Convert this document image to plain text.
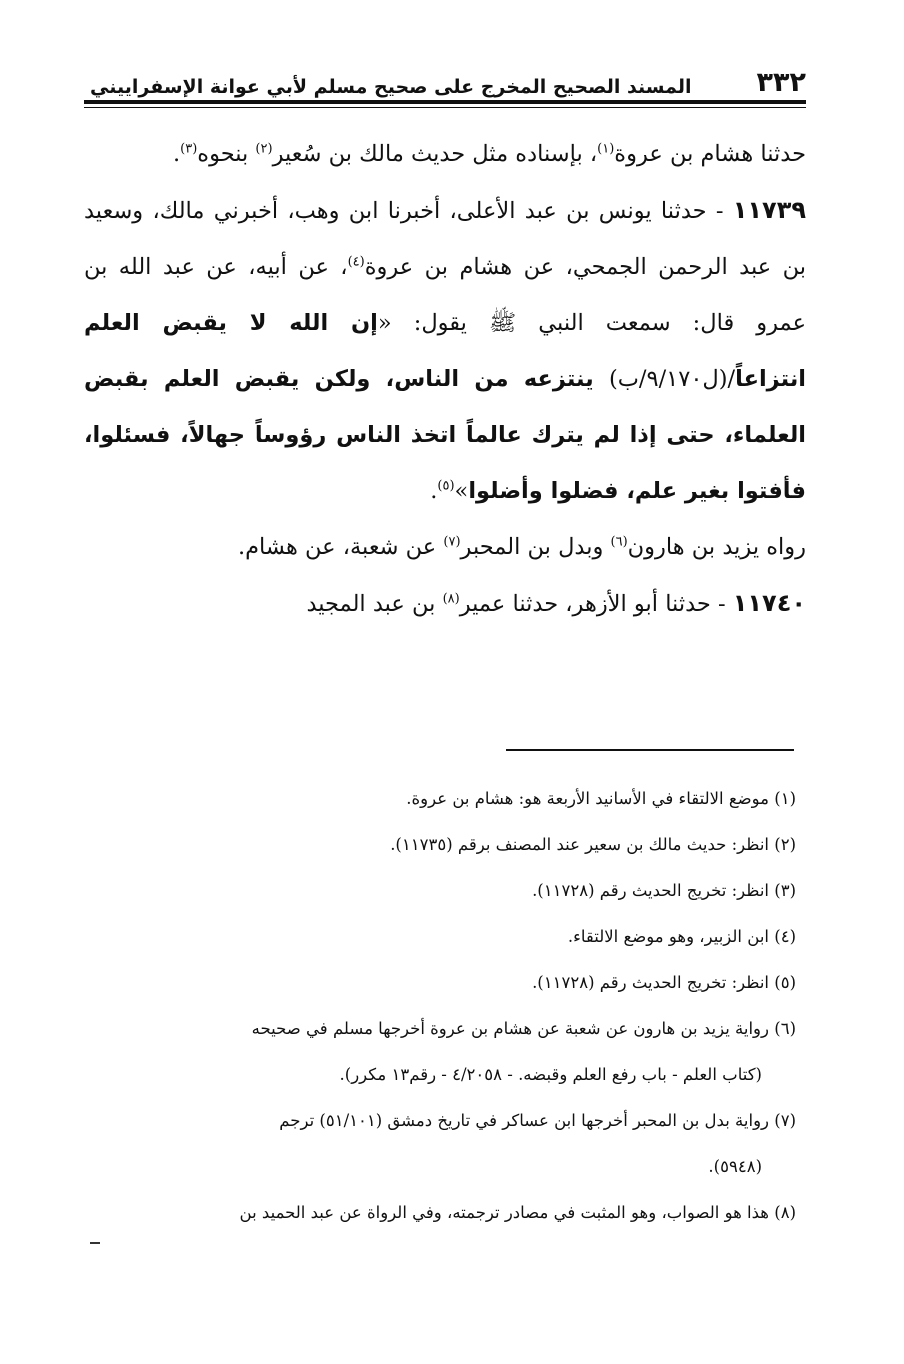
٣٣٢
المسند الصحيح المخرج على صحيح مسلم لأبي عوانة الإسفراييني

حدثنا هشام بن عروة$^{(١)}$، بإسناده مثل حديث مالك بن سُعير$^{(٢)}$ بنحوه$^{(٣)}$.

١١٧٣٩ - حدثنا يونس بن عبد الأعلى، أخبرنا ابن وهب، أخبرني مالك، وسعيد بن عبد الرحمن الجمحي، عن هشام بن عروة$^{(٤)}$، عن أبيه، عن عبد الله بن عمرو قال: سمعت النبي ﷺ يقول: «إن الله لا يقبض العلم انتزاعاً/(ل٩/١٧٠/ب) ينتزعه من الناس، ولكن يقبض العلم بقبض العلماء، حتى إذا لم يترك عالماً اتخذ الناس رؤوساً جهالاً، فسئلوا، فأفتوا بغير علم، فضلوا وأضلوا»$^{(٥)}$.

رواه يزيد بن هارون$^{(٦)}$ وبدل بن المحبر$^{(٧)}$ عن شعبة، عن هشام.

١١٧٤٠ - حدثنا أبو الأزهر، حدثنا عمير$^{(٨)}$ بن عبد المجيد

(١) موضع الالتقاء في الأسانيد الأربعة هو: هشام بن عروة.

(٢) انظر: حديث مالك بن سعير عند المصنف برقم (١١٧٣٥).

(٣) انظر: تخريج الحديث رقم (١١٧٢٨).

(٤) ابن الزبير، وهو موضع الالتقاء.

(٥) انظر: تخريج الحديث رقم (١١٧٢٨).

(٦) رواية يزيد بن هارون عن شعبة عن هشام بن عروة أخرجها مسلم في صحيحه

(كتاب العلم - باب رفع العلم وقبضه. - ٤/٢٠٥٨ - رقم١٣ مكرر).

(٧) رواية بدل بن المحبر أخرجها ابن عساكر في تاريخ دمشق (٥١/١٠١) ترجم

(٥٩٤٨).

(٨) هذا هو الصواب، وهو المثبت في مصادر ترجمته، وفي الرواة عن عبد الحميد بن
